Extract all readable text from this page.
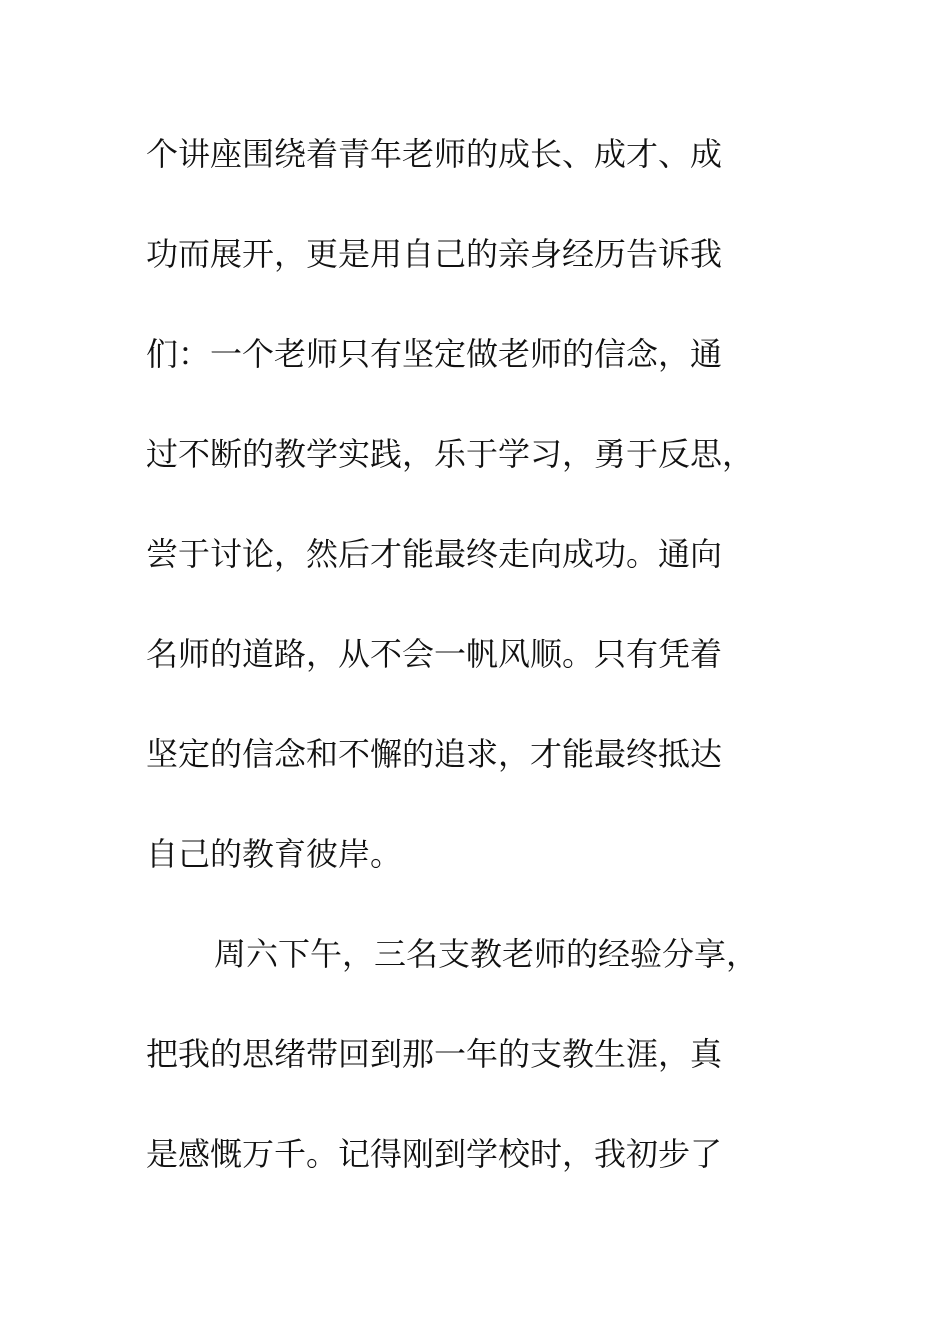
个讲座围绕着青年老师的成长、成才、成
功而展开，更是用自己的亲身经历告诉我
们：一个老师只有坚定做老师的信念，通
过不断的教学实践，乐于学习，勇于反思，
尝于讨论，然后才能最终走向成功。通向
名师的道路，从不会一帆风顺。只有凭着
坚定的信念和不懈的追求，才能最终抵达
自己的教育彼岸。
周六下午，三名支教老师的经验分享，
把我的思绪带回到那一年的支教生涯，真
是感慨万千。记得刚到学校时，我初步了
